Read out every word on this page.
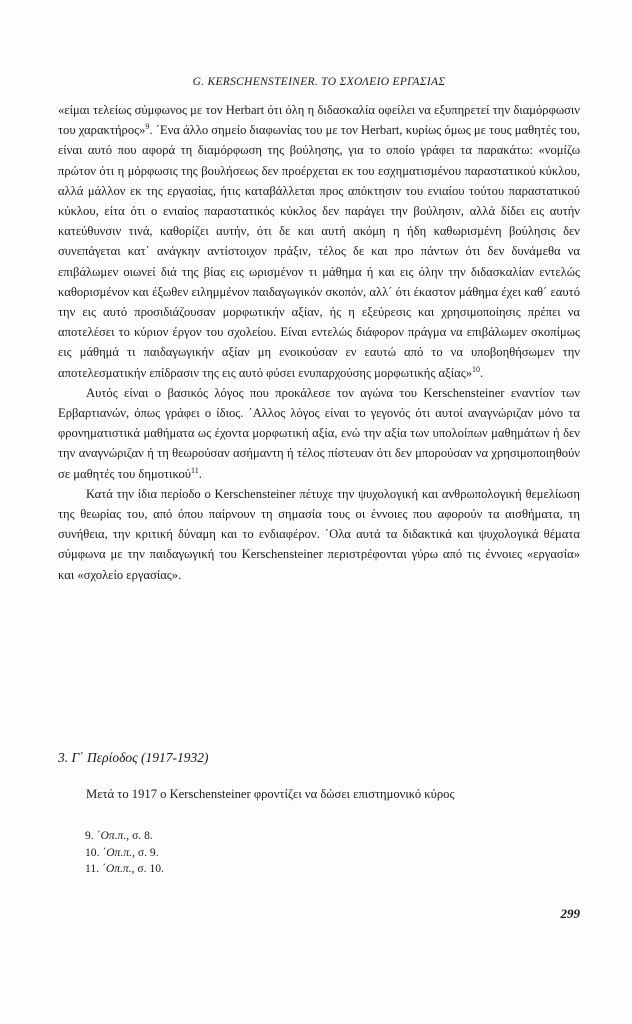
G. KERSCHENSTEINER. ΤΟ ΣΧΟΛΕΙΟ ΕΡΓΑΣΙΑΣ

«είμαι τελείως σύμφωνος με τον Herbart ότι όλη η διδασκαλία οφείλει να εξυπηρετεί την διαμόρφωσιν του χαρακτήρος»$^9$. ΄Ενα άλλο σημείο διαφωνίας του με τον Herbart, κυρίως όμως με τους μαθητές του, είναι αυτό που αφορά τη διαμόρφωση της βούλησης, για το οποίο γράφει τα παρακάτω: «νομίζω πρώτον ότι η μόρφωσις της βουλήσεως δεν προέρχεται εκ του εσχηματισμένου παραστατικού κύκλου, αλλά μάλλον εκ της εργασίας, ήτις καταβάλλεται προς απόκτησιν του ενιαίου τούτου παραστατικού κύκλου, είτα ότι ο ενιαίος παραστατικός κύκλος δεν παράγει την βούλησιν, αλλά δίδει εις αυτήν κατεύθυνσιν τινά, καθορίζει αυτήν, ότι δε και αυτή ακόμη η ήδη καθωρισμένη βούλησις δεν συνεπάγεται κατ΄ ανάγκην αντίστοιχον πράξιν, τέλος δε και προ πάντων ότι δεν δυνάμεθα να επιβάλωμεν οιωνεί διά της βίας εις ωρισμένον τι μάθημα ή και εις όλην την διδασκαλίαν εντελώς καθορισμένον και έξωθεν ειλημμένον παιδαγωγικόν σκοπόν, αλλ΄ ότι έκαστον μάθημα έχει καθ΄ εαυτό την εις αυτό προσιδιάζουσαν μορφωτικήν αξίαν, ής η εξεύρεσις και χρησιμοποίησις πρέπει να αποτελέσει το κύριον έργον του σχολείου. Είναι εντελώς διάφορον πράγμα να επιβάλωμεν σκοπίμως εις μάθημά τι παιδαγωγικήν αξίαν μη ενοικούσαν εν εαυτώ από το να υποβοηθήσωμεν την αποτελεσματικήν επίδρασιν της εις αυτό φύσει ενυπαρχούσης μορφωτικής αξίας»$^{10}$.

Αυτός είναι ο βασικός λόγος που προκάλεσε τον αγώνα του Kerschensteiner εναντίον των Ερβαρτιανών, όπως γράφει ο ίδιος. ΄Αλλος λόγος είναι το γεγονός ότι αυτοί αναγνώριζαν μόνο τα φρονηματιστικά μαθήματα ως έχοντα μορφωτική αξία, ενώ την αξία των υπολοίπων μαθημάτων ή δεν την αναγνώριζαν ή τη θεωρούσαν ασήμαντη ή τέλος πίστευαν ότι δεν μπορούσαν να χρησιμοποιηθούν σε μαθητές του δημοτικού$^{11}$.

Κατά την ίδια περίοδο ο Kerschensteiner πέτυχε την ψυχολογική και ανθρωπολογική θεμελίωση της θεωρίας του, από όπου παίρνουν τη σημασία τους οι έννοιες που αφορούν τα αισθήματα, τη συνήθεια, την κριτική δύναμη και το ενδιαφέρον. ΄Ολα αυτά τα διδακτικά και ψυχολογικά θέματα σύμφωνα με την παιδαγωγική του Kerschensteiner περιστρέφονται γύρω από τις έννοιες «εργασία» και «σχολείο εργασίας».

3. Γ΄ Περίοδος (1917-1932)

Μετά το 1917 ο Kerschensteiner φροντίζει να δώσει επιστημονικό κύρος

9. ΄Οπ.π., σ. 8.
10. ΄Οπ.π., σ. 9.
11. ΄Οπ.π., σ. 10.
299
